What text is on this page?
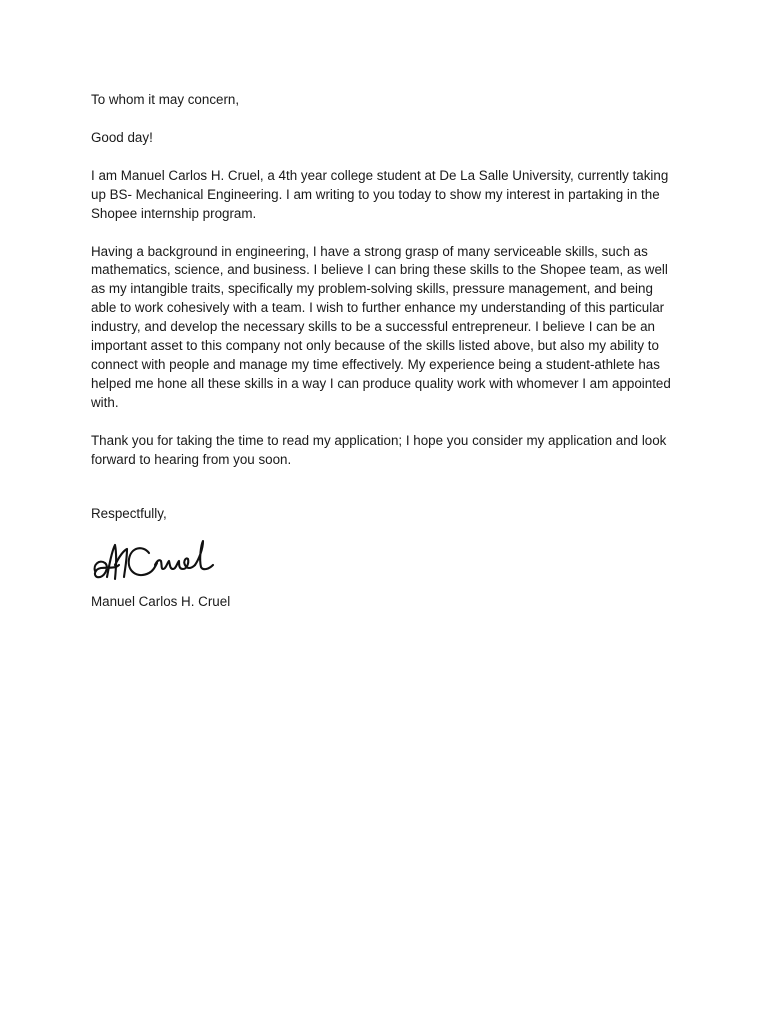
To whom it may concern,

Good day!

I am Manuel Carlos H. Cruel, a 4th year college student at De La Salle University, currently taking up BS- Mechanical Engineering. I am writing to you today to show my interest in partaking in the Shopee internship program.

Having a background in engineering, I have a strong grasp of many serviceable skills, such as mathematics, science, and business. I believe I can bring these skills to the Shopee team, as well as my intangible traits, specifically my problem-solving skills, pressure management, and being able to work cohesively with a team. I wish to further enhance my understanding of this particular industry, and develop the necessary skills to be a successful entrepreneur. I believe I can be an important asset to this company not only because of the skills listed above, but also my ability to connect with people and manage my time effectively. My experience being a student-athlete has helped me hone all these skills in a way I can produce quality work with whomever I am appointed with.

Thank you for taking the time to read my application; I hope you consider my application and look forward to hearing from you soon.

Respectfully,

Manuel Carlos H. Cruel
